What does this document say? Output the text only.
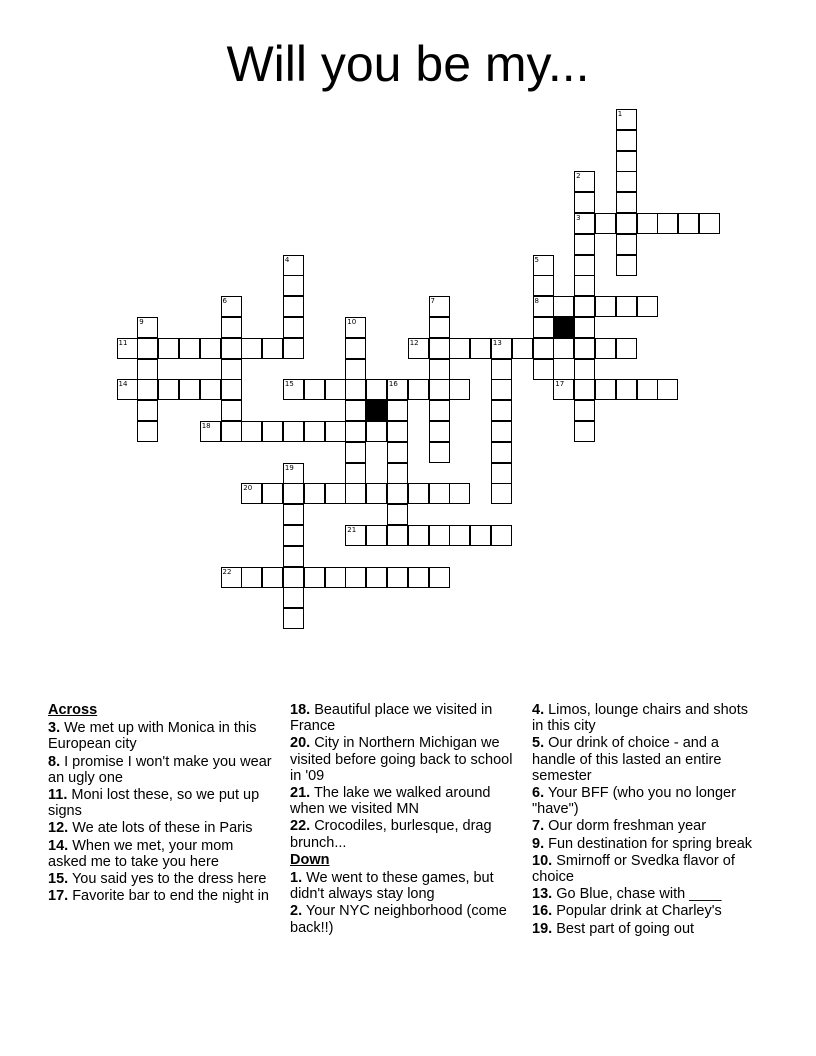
Will you be my...
1
2
3
4	5
8
6	7
9	10
11	12	13
14	15	16	17
18
19
20
21
22
Across
3. We met up with Monica in this European city
8. I promise I won't make you wear an ugly one
11. Moni lost these, so we put up signs
12. We ate lots of these in Paris
14. When we met, your mom asked me to take you here
15. You said yes to the dress here
17. Favorite bar to end the night in
18. Beautiful place we visited in France
20. City in Northern Michigan we visited before going back to school in '09
21. The lake we walked around when we visited MN
22. Crocodiles, burlesque, drag brunch...
Down
1. We went to these games, but didn't always stay long
2. Your NYC neighborhood (come back!!)
4. Limos, lounge chairs and shots in this city
5. Our drink of choice - and a handle of this lasted an entire semester
6. Your BFF (who you no longer "have")
7. Our dorm freshman year
9. Fun destination for spring break
10. Smirnoff or Svedka flavor of choice
13. Go Blue, chase with ____
16. Popular drink at Charley's
19. Best part of going out
